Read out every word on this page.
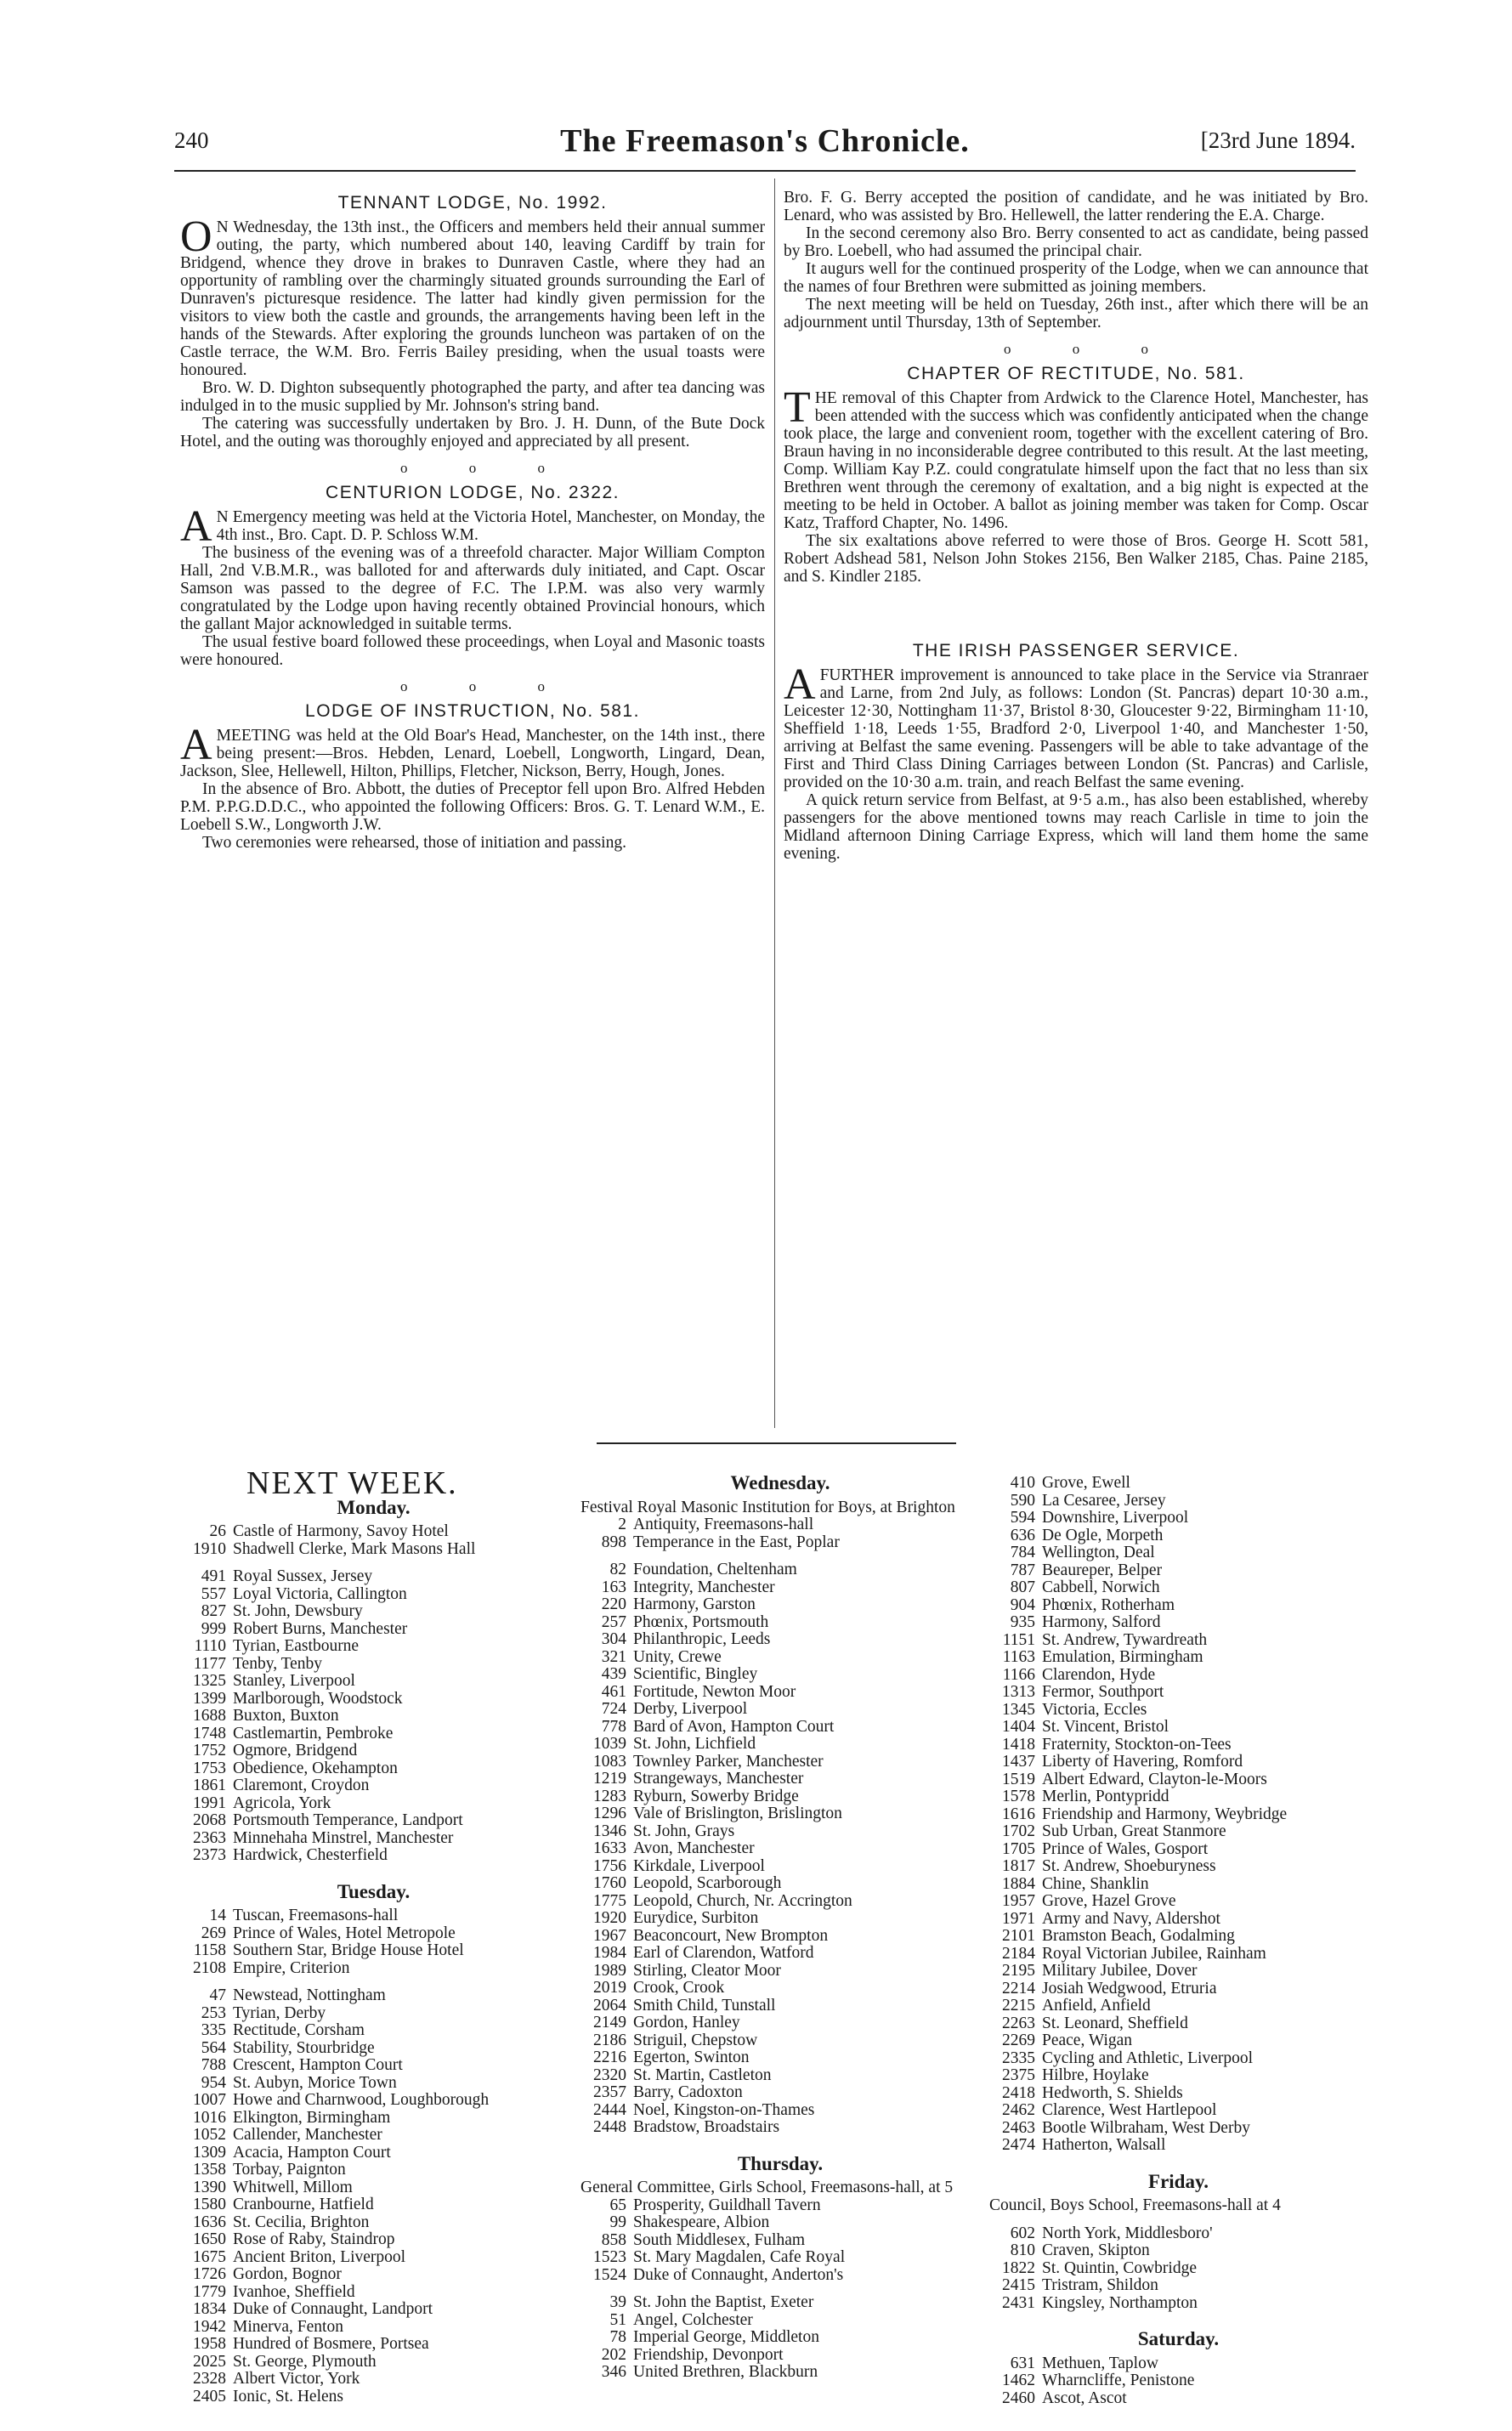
240	The Freemason's Chronicle.	[23rd June 1894.
TENNANT LODGE, No. 1992.

O N Wednesday, the 13th inst., the Officers and members held their annual summer outing, the party, which numbered about 140, leaving Cardiff by train for Bridgend, whence they drove in brakes to Dunraven Castle, where they had an opportunity of rambling over the charmingly situated grounds surrounding the Earl of Dunraven's picturesque residence. The latter had kindly given permission for the visitors to view both the castle and grounds, the arrangements having been left in the hands of the Stewards. After exploring the grounds luncheon was partaken of on the Castle terrace, the W.M. Bro. Ferris Bailey presiding, when the usual toasts were honoured.

Bro. W. D. Dighton subsequently photographed the party, and after tea dancing was indulged in to the music supplied by Mr. Johnson's string band.

The catering was successfully undertaken by Bro. J. H. Dunn, of the Bute Dock Hotel, and the outing was thoroughly enjoyed and appreciated by all present.

o o o
CENTURION LODGE, No. 2322.

A N Emergency meeting was held at the Victoria Hotel, Manchester, on Monday, the 4th inst., Bro. Capt. D. P. Schloss W.M.

The business of the evening was of a threefold character. Major William Compton Hall, 2nd V.B.M.R., was balloted for and afterwards duly initiated, and Capt. Oscar Samson was passed to the degree of F.C. The I.P.M. was also very warmly congratulated by the Lodge upon having recently obtained Provincial honours, which the gallant Major acknowledged in suitable terms.

The usual festive board followed these proceedings, when Loyal and Masonic toasts were honoured.

o o o
LODGE OF INSTRUCTION, No. 581.

AMEETING was held at the Old Boar's Head, Manchester, on the 14th inst., there being present:—Bros. Hebden, Lenard, Loebell, Longworth, Lingard, Dean, Jackson, Slee, Hellewell, Hilton, Phillips, Fletcher, Nickson, Berry, Hough, Jones.

In the absence of Bro. Abbott, the duties of Preceptor fell upon Bro. Alfred Hebden P.M. P.P.G.D.D.C., who appointed the following Officers: Bros. G. T. Lenard W.M., E. Loebell S.W., Longworth J.W.

Two ceremonies were rehearsed, those of initiation and passing.

Bro. F. G. Berry accepted the position of candidate, and he was initiated by Bro. Lenard, who was assisted by Bro. Hellewell, the latter rendering the E.A. Charge.

In the second ceremony also Bro. Berry consented to act as candidate, being passed by Bro. Loebell, who had assumed the principal chair.

It augurs well for the continued prosperity of the Lodge, when we can announce that the names of four Brethren were submitted as joining members.

The next meeting will be held on Tuesday, 26th inst., after which there will be an adjournment until Thursday, 13th of September.

o o o
CHAPTER OF RECTITUDE, No. 581.

THE removal of this Chapter from Ardwick to the Clarence Hotel, Manchester, has been attended with the success which was confidently anticipated when the change took place, the large and convenient room, together with the excellent catering of Bro. Braun having in no inconsiderable degree contributed to this result. At the last meeting, Comp. William Kay P.Z. could congratulate himself upon the fact that no less than six Brethren went through the ceremony of exaltation, and a big night is expected at the meeting to be held in October. A ballot as joining member was taken for Comp. Oscar Katz, Trafford Chapter, No. 1496.

The six exaltations above referred to were those of Bros. George H. Scott 581, Robert Adshead 581, Nelson John Stokes 2156, Ben Walker 2185, Chas. Paine 2185, and S. Kindler 2185.

THE IRISH PASSENGER SERVICE.

AFURTHER improvement is announced to take place in the Service via Stranraer and Larne, from 2nd July, as follows: London (St. Pancras) depart 10·30 a.m., Leicester 12·30, Nottingham 11·37, Bristol 8·30, Gloucester 9·22, Birmingham 11·10, Sheffield 1·18, Leeds 1·55, Bradford 2·0, Liverpool 1·40, and Manchester 1·50, arriving at Belfast the same evening. Passengers will be able to take advantage of the First and Third Class Dining Carriages between London (St. Pancras) and Carlisle, provided on the 10·30 a.m. train, and reach Belfast the same evening.

A quick return service from Belfast, at 9·5 a.m., has also been established, whereby passengers for the above mentioned towns may reach Carlisle in time to join the Midland afternoon Dining Carriage Express, which will land them home the same evening.

NEXT WEEK.
Monday.
26 Castle of Harmony, Savoy Hotel
1910 Shadwell Clerke, Mark Masons Hall
491 Royal Sussex, Jersey
557 Loyal Victoria, Callington
827 St. John, Dewsbury
999 Robert Burns, Manchester
1110 Tyrian, Eastbourne
1177 Tenby, Tenby
1325 Stanley, Liverpool
1399 Marlborough, Woodstock
1688 Buxton, Buxton
1748 Castlemartin, Pembroke
1752 Ogmore, Bridgend
1753 Obedience, Okehampton
1861 Claremont, Croydon
1991 Agricola, York
2068 Portsmouth Temperance, Landport
2363 Minnehaha Minstrel, Manchester
2373 Hardwick, Chesterfield
Tuesday.
14 Tuscan, Freemasons-hall
269 Prince of Wales, Hotel Metropole
1158 Southern Star, Bridge House Hotel
2108 Empire, Criterion
47 Newstead, Nottingham
253 Tyrian, Derby
335 Rectitude, Corsham
564 Stability, Stourbridge
788 Crescent, Hampton Court
954 St. Aubyn, Morice Town
1007 Howe and Charnwood, Loughborough
1016 Elkington, Birmingham
1052 Callender, Manchester
1309 Acacia, Hampton Court
1358 Torbay, Paignton
1390 Whitwell, Millom
1580 Cranbourne, Hatfield
1636 St. Cecilia, Brighton
1650 Rose of Raby, Staindrop
1675 Ancient Briton, Liverpool
1726 Gordon, Bognor
1779 Ivanhoe, Sheffield
1834 Duke of Connaught, Landport
1942 Minerva, Fenton
1958 Hundred of Bosmere, Portsea
2025 St. George, Plymouth
2328 Albert Victor, York
2405 Ionic, St. Helens
Wednesday.
Festival Royal Masonic Institution for Boys, at Brighton
2 Antiquity, Freemasons-hall
898 Temperance in the East, Poplar
82 Foundation, Cheltenham
163 Integrity, Manchester
220 Harmony, Garston
257 Phœnix, Portsmouth
304 Philanthropic, Leeds
321 Unity, Crewe
439 Scientific, Bingley
461 Fortitude, Newton Moor
724 Derby, Liverpool
778 Bard of Avon, Hampton Court
1039 St. John, Lichfield
1083 Townley Parker, Manchester
1219 Strangeways, Manchester
1283 Ryburn, Sowerby Bridge
1296 Vale of Brislington, Brislington
1346 St. John, Grays
1633 Avon, Manchester
1756 Kirkdale, Liverpool
1760 Leopold, Scarborough
1775 Leopold, Church, Nr. Accrington
1920 Eurydice, Surbiton
1967 Beaconcourt, New Brompton
1984 Earl of Clarendon, Watford
1989 Stirling, Cleator Moor
2019 Crook, Crook
2064 Smith Child, Tunstall
2149 Gordon, Hanley
2186 Striguil, Chepstow
2216 Egerton, Swinton
2320 St. Martin, Castleton
2357 Barry, Cadoxton
2444 Noel, Kingston-on-Thames
2448 Bradstow, Broadstairs
Thursday.
General Committee, Girls School, Freemasons-hall, at 5
65 Prosperity, Guildhall Tavern
99 Shakespeare, Albion
858 South Middlesex, Fulham
1523 St. Mary Magdalen, Cafe Royal
1524 Duke of Connaught, Anderton's
39 St. John the Baptist, Exeter
51 Angel, Colchester
78 Imperial George, Middleton
202 Friendship, Devonport
346 United Brethren, Blackburn
410 Grove, Ewell
590 La Cesaree, Jersey
594 Downshire, Liverpool
636 De Ogle, Morpeth
784 Wellington, Deal
787 Beaureper, Belper
807 Cabbell, Norwich
904 Phœnix, Rotherham
935 Harmony, Salford
1151 St. Andrew, Tywardreath
1163 Emulation, Birmingham
1166 Clarendon, Hyde
1313 Fermor, Southport
1345 Victoria, Eccles
1404 St. Vincent, Bristol
1418 Fraternity, Stockton-on-Tees
1437 Liberty of Havering, Romford
1519 Albert Edward, Clayton-le-Moors
1578 Merlin, Pontypridd
1616 Friendship and Harmony, Weybridge
1702 Sub Urban, Great Stanmore
1705 Prince of Wales, Gosport
1817 St. Andrew, Shoeburyness
1884 Chine, Shanklin
1957 Grove, Hazel Grove
1971 Army and Navy, Aldershot
2101 Bramston Beach, Godalming
2184 Royal Victorian Jubilee, Rainham
2195 Military Jubilee, Dover
2214 Josiah Wedgwood, Etruria
2215 Anfield, Anfield
2263 St. Leonard, Sheffield
2269 Peace, Wigan
2335 Cycling and Athletic, Liverpool
2375 Hilbre, Hoylake
2418 Hedworth, S. Shields
2462 Clarence, West Hartlepool
2463 Bootle Wilbraham, West Derby
2474 Hatherton, Walsall
Friday.
Council, Boys School, Freemasons-hall at 4
602 North York, Middlesboro'
810 Craven, Skipton
1822 St. Quintin, Cowbridge
2415 Tristram, Shildon
2431 Kingsley, Northampton
Saturday.
631 Methuen, Taplow
1462 Wharncliffe, Penistone
2460 Ascot, Ascot
